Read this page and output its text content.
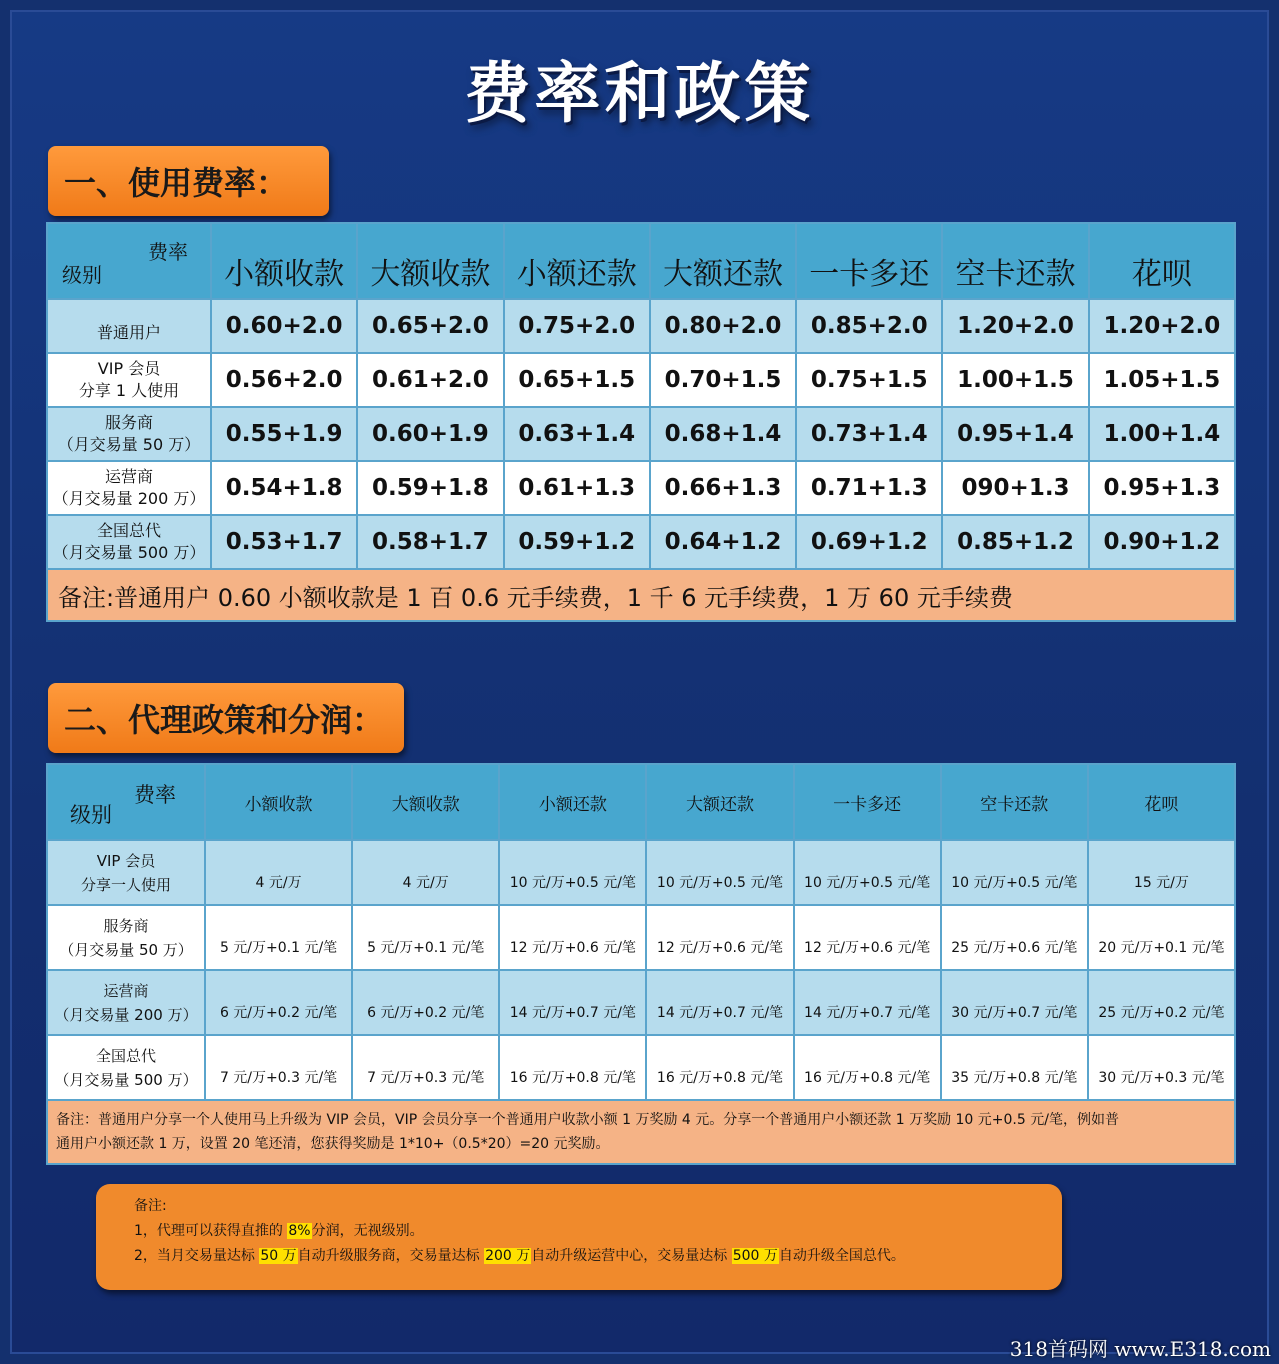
费率和政策
一、使用费率：
费率
级别	小额收款	大额收款	小额还款	大额还款	一卡多还	空卡还款	花呗

普通用户	0.60+2.0	0.65+2.0	0.75+2.0	0.80+2.0	0.85+2.0	1.20+2.0	1.20+2.0

VIP 会员
分享 1 人使用	0.56+2.0	0.61+2.0	0.65+1.5	0.70+1.5	0.75+1.5	1.00+1.5	1.05+1.5

服务商
（月交易量 50 万）	0.55+1.9	0.60+1.9	0.63+1.4	0.68+1.4	0.73+1.4	0.95+1.4	1.00+1.4

运营商
（月交易量 200 万）	0.54+1.8	0.59+1.8	0.61+1.3	0.66+1.3	0.71+1.3	090+1.3	0.95+1.3

全国总代
（月交易量 500 万）	0.53+1.7	0.58+1.7	0.59+1.2	0.64+1.2	0.69+1.2	0.85+1.2	0.90+1.2
备注:普通用户 0.60 小额收款是 1 百 0.6 元手续费，1 千 6 元手续费，1 万 60 元手续费							
二、代理政策和分润：
费率
级别	小额收款	大额收款	小额还款	大额还款	一卡多还	空卡还款	花呗

VIP 会员
分享一人使用	4 元/万	4 元/万	10 元/万+0.5 元/笔	10 元/万+0.5 元/笔	10 元/万+0.5 元/笔	10 元/万+0.5 元/笔	15 元/万

服务商
（月交易量 50 万）	5 元/万+0.1 元/笔	5 元/万+0.1 元/笔	12 元/万+0.6 元/笔	12 元/万+0.6 元/笔	12 元/万+0.6 元/笔	25 元/万+0.6 元/笔	20 元/万+0.1 元/笔

运营商
（月交易量 200 万）	6 元/万+0.2 元/笔	6 元/万+0.2 元/笔	14 元/万+0.7 元/笔	14 元/万+0.7 元/笔	14 元/万+0.7 元/笔	30 元/万+0.7 元/笔	25 元/万+0.2 元/笔

全国总代
（月交易量 500 万）	7 元/万+0.3 元/笔	7 元/万+0.3 元/笔	16 元/万+0.8 元/笔	16 元/万+0.8 元/笔	16 元/万+0.8 元/笔	35 元/万+0.8 元/笔	30 元/万+0.3 元/笔

备注：普通用户分享一个人使用马上升级为 VIP 会员，VIP 会员分享一个普通用户收款小额 1 万奖励 4 元。分享一个普通用户小额还款 1 万奖励 10 元+0.5 元/笔，例如普
通用户小额还款 1 万，设置 20 笔还清，您获得奖励是 1*10+（0.5*20）=20 元奖励。							
备注:
1，代理可以获得直推的 8%分润，无视级别。
2，当月交易量达标 50 万自动升级服务商，交易量达标 200 万自动升级运营中心，交易量达标 500 万自动升级全国总代。
318首码网 www.E318.com
